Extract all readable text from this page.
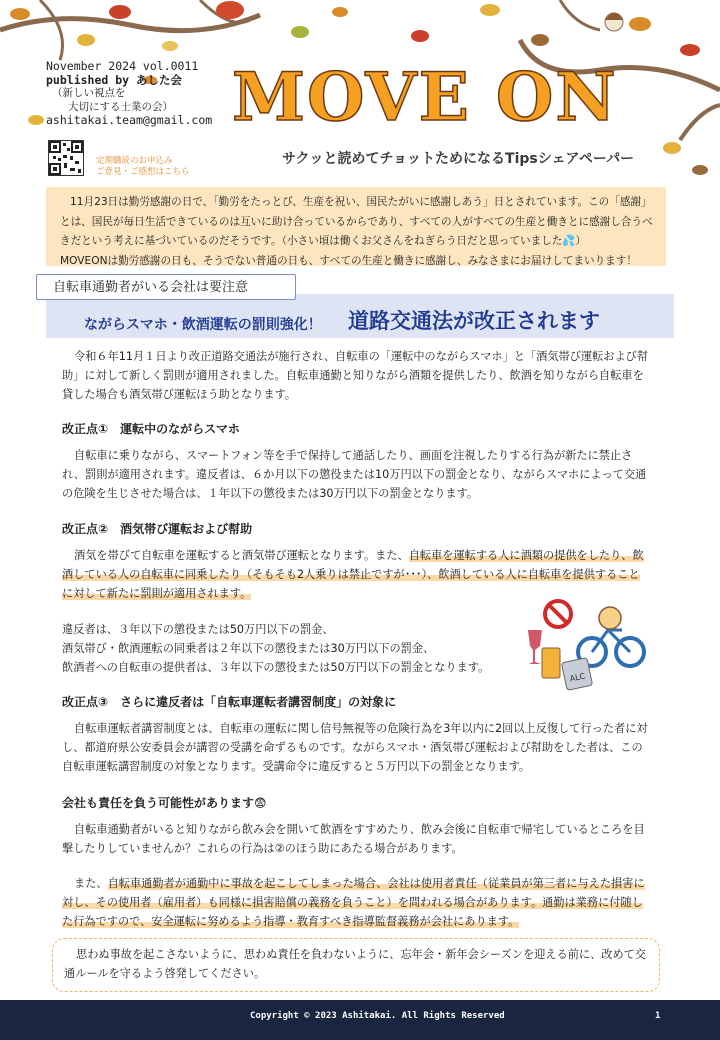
November 2024 vol.0011
published by あした会
（新しい視点を
大切にする士業の会）
ashitakai.team@gmail.com
定期購読のお申込み
ご意見・ご感想はこちら
MOVE ON
サクッと読めてチョットためになるTipsシェアペーパー
11月23日は勤労感謝の日で、「勤労をたっとび、生産を祝い、国民たがいに感謝しあう」日とされています。この「感謝」とは、国民が毎日生活できているのは互いに助け合っているからであり、すべての人がすべての生産と働きとに感謝し合うべきだという考えに基づいているのだそうです。（小さい頃は働くお父さんをねぎらう日だと思っていました💦）
MOVEONは勤労感謝の日も、そうでない普通の日も、すべての生産と働きに感謝し、みなさまにお届けしてまいります！
自転車通勤者がいる会社は要注意
ながらスマホ・飲酒運転の罰則強化！ 道路交通法が改正されます
令和６年11月１日より改正道路交通法が施行され、自転車の「運転中のながらスマホ」と「酒気帯び運転および幇助」に対して新しく罰則が適用されました。自転車通勤と知りながら酒類を提供したり、飲酒を知りながら自転車を貸した場合も酒気帯び運転ほう助となります。
改正点①　運転中のながらスマホ
自転車に乗りながら、スマートフォン等を手で保持して通話したり、画面を注視したりする行為が新たに禁止され、罰則が適用されます。違反者は、６か月以下の懲役または10万円以下の罰金となり、ながらスマホによって交通の危険を生じさせた場合は、１年以下の懲役または30万円以下の罰金となります。
改正点②　酒気帯び運転および幇助
酒気を帯びて自転車を運転すると酒気帯び運転となります。また、自転車を運転する人に酒類の提供をしたり、飲酒している人の自転車に同乗したり（そもそも2人乗りは禁止ですが･･･）、飲酒している人に自転車を提供することに対して新たに罰則が適用されます。
違反者は、３年以下の懲役または50万円以下の罰金、
酒気帯び・飲酒運転の同乗者は２年以下の懲役または30万円以下の罰金、
飲酒者への自転車の提供者は、３年以下の懲役または50万円以下の罰金となります。
ALC
改正点③　さらに違反者は「自転車運転者講習制度」の対象に
自転車運転者講習制度とは、自転車の運転に関し信号無視等の危険行為を3年以内に2回以上反復して行った者に対し、都道府県公安委員会が講習の受講を命ずるものです。ながらスマホ・酒気帯び運転および幇助をした者は、この自転車運転講習制度の対象となります。受講命令に違反すると５万円以下の罰金となります。
会社も責任を負う可能性があります😨
自転車通勤者がいると知りながら飲み会を開いて飲酒をすすめたり、飲み会後に自転車で帰宅しているところを目撃したりしていませんか？これらの行為は②のほう助にあたる場合があります。
また、自転車通勤者が通勤中に事故を起こしてしまった場合、会社は使用者責任（従業員が第三者に与えた損害に対し、その使用者（雇用者）も同様に損害賠償の義務を負うこと）を問われる場合があります。通勤は業務に付随した行為ですので、安全運転に努めるよう指導・教育すべき指導監督義務が会社にあります。
思わぬ事故を起こさないように、思わぬ責任を負わないように、忘年会・新年会シーズンを迎える前に、改めて交通ルールを守るよう啓発してください。
Copyright © 2023 Ashitakai. All Rights Reserved	1
